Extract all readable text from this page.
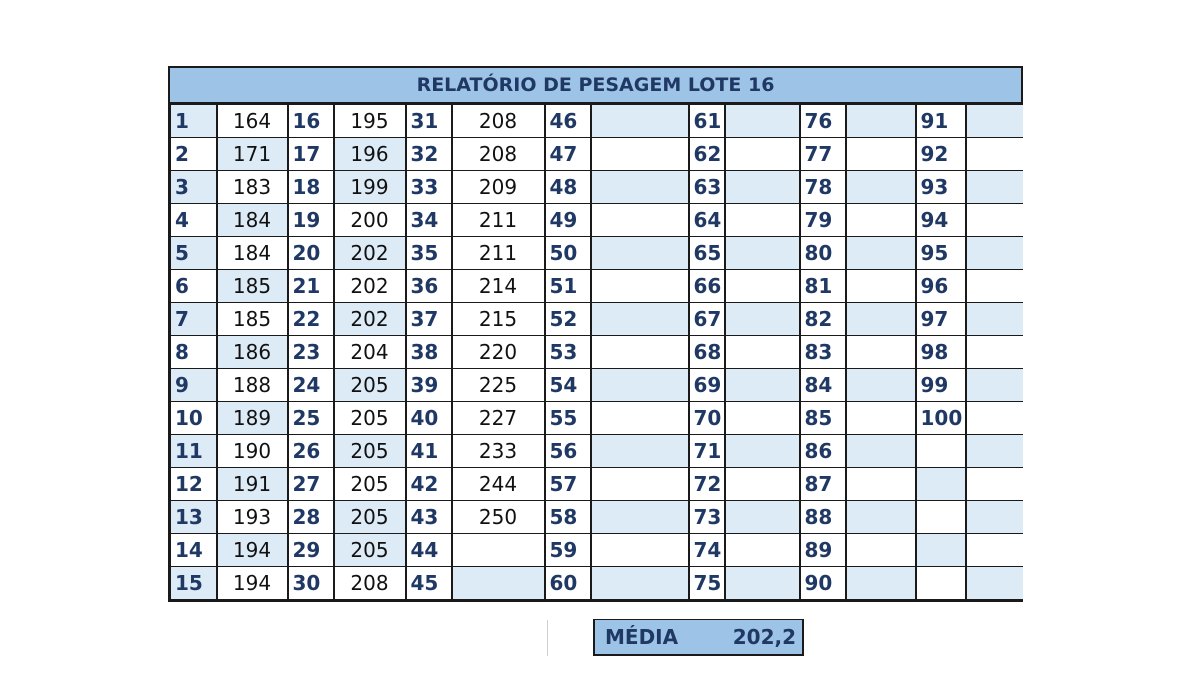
RELATÓRIO DE PESAGEM LOTE 16
1	164	16	195	31	208	46		61		76		91	
2	171	17	196	32	208	47		62		77		92	
3	183	18	199	33	209	48		63		78		93	
4	184	19	200	34	211	49		64		79		94	
5	184	20	202	35	211	50		65		80		95	
6	185	21	202	36	214	51		66		81		96	
7	185	22	202	37	215	52		67		82		97	
8	186	23	204	38	220	53		68		83		98	
9	188	24	205	39	225	54		69		84		99	
10	189	25	205	40	227	55		70		85		100	
11	190	26	205	41	233	56		71		86			
12	191	27	205	42	244	57		72		87			
13	193	28	205	43	250	58		73		88			
14	194	29	205	44		59		74		89			
15	194	30	208	45		60		75		90			
MÉDIA	202,2
